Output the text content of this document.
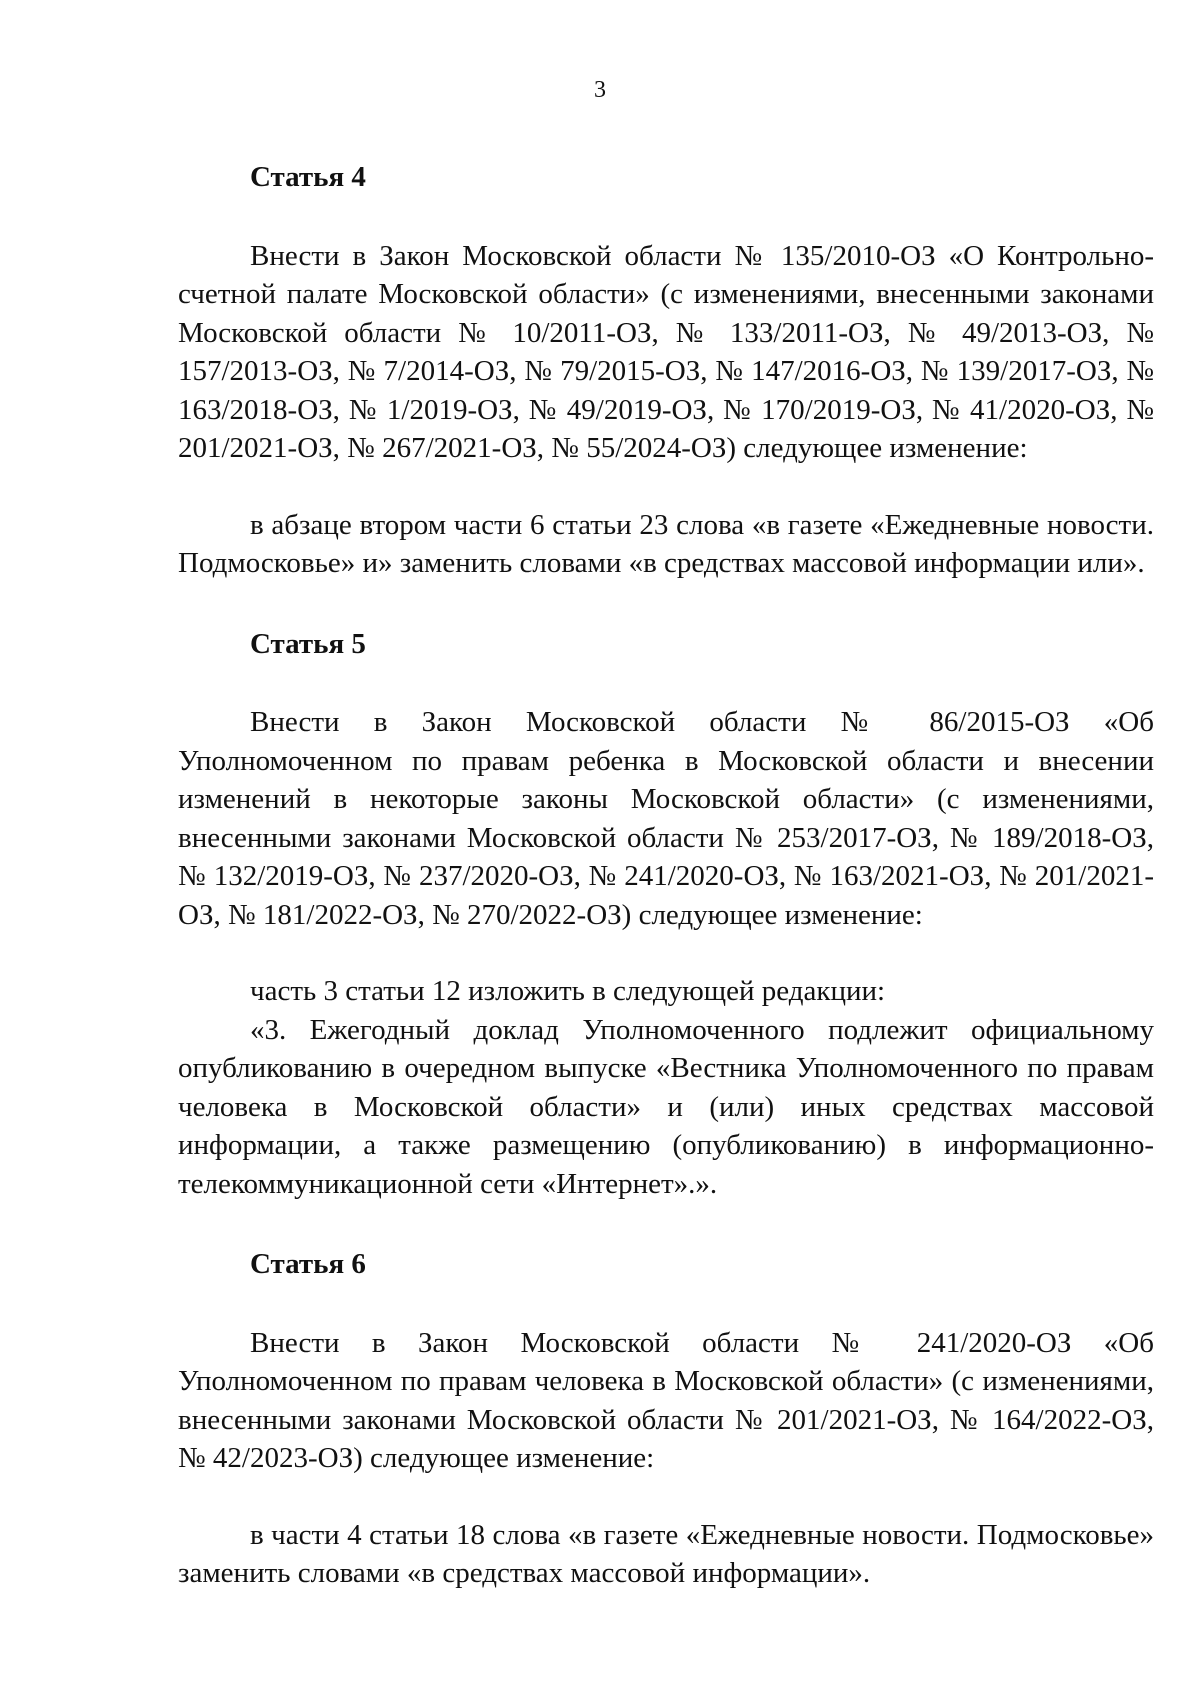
3

Статья 4

Внести в Закон Московской области № 135/2010-ОЗ «О Контрольно-счетной палате Московской области» (с изменениями, внесенными законами Московской области № 10/2011-ОЗ, № 133/2011-ОЗ, № 49/2013-ОЗ, № 157/2013-ОЗ, № 7/2014-ОЗ, № 79/2015-ОЗ, № 147/2016-ОЗ, № 139/2017-ОЗ, № 163/2018-ОЗ, № 1/2019-ОЗ, № 49/2019-ОЗ, № 170/2019-ОЗ, № 41/2020-ОЗ, № 201/2021-ОЗ, № 267/2021-ОЗ, № 55/2024-ОЗ) следующее изменение:

в абзаце втором части 6 статьи 23 слова «в газете «Ежедневные новости. Подмосковье» и» заменить словами «в средствах массовой информации или».

Статья 5

Внести в Закон Московской области № 86/2015-ОЗ «Об Уполномоченном по правам ребенка в Московской области и внесении изменений в некоторые законы Московской области» (с изменениями, внесенными законами Московской области № 253/2017-ОЗ, № 189/2018-ОЗ, № 132/2019-ОЗ, № 237/2020-ОЗ, № 241/2020-ОЗ, № 163/2021-ОЗ, № 201/2021-ОЗ, № 181/2022-ОЗ, № 270/2022-ОЗ) следующее изменение:

часть 3 статьи 12 изложить в следующей редакции:

«3. Ежегодный доклад Уполномоченного подлежит официальному опубликованию в очередном выпуске «Вестника Уполномоченного по правам человека в Московской области» и (или) иных средствах массовой информации, а также размещению (опубликованию) в информационно-телекоммуникационной сети «Интернет».».

Статья 6

Внести в Закон Московской области № 241/2020-ОЗ «Об Уполномоченном по правам человека в Московской области» (с изменениями, внесенными законами Московской области № 201/2021-ОЗ, № 164/2022-ОЗ, № 42/2023-ОЗ) следующее изменение:

в части 4 статьи 18 слова «в газете «Ежедневные новости. Подмосковье» заменить словами «в средствах массовой информации».
